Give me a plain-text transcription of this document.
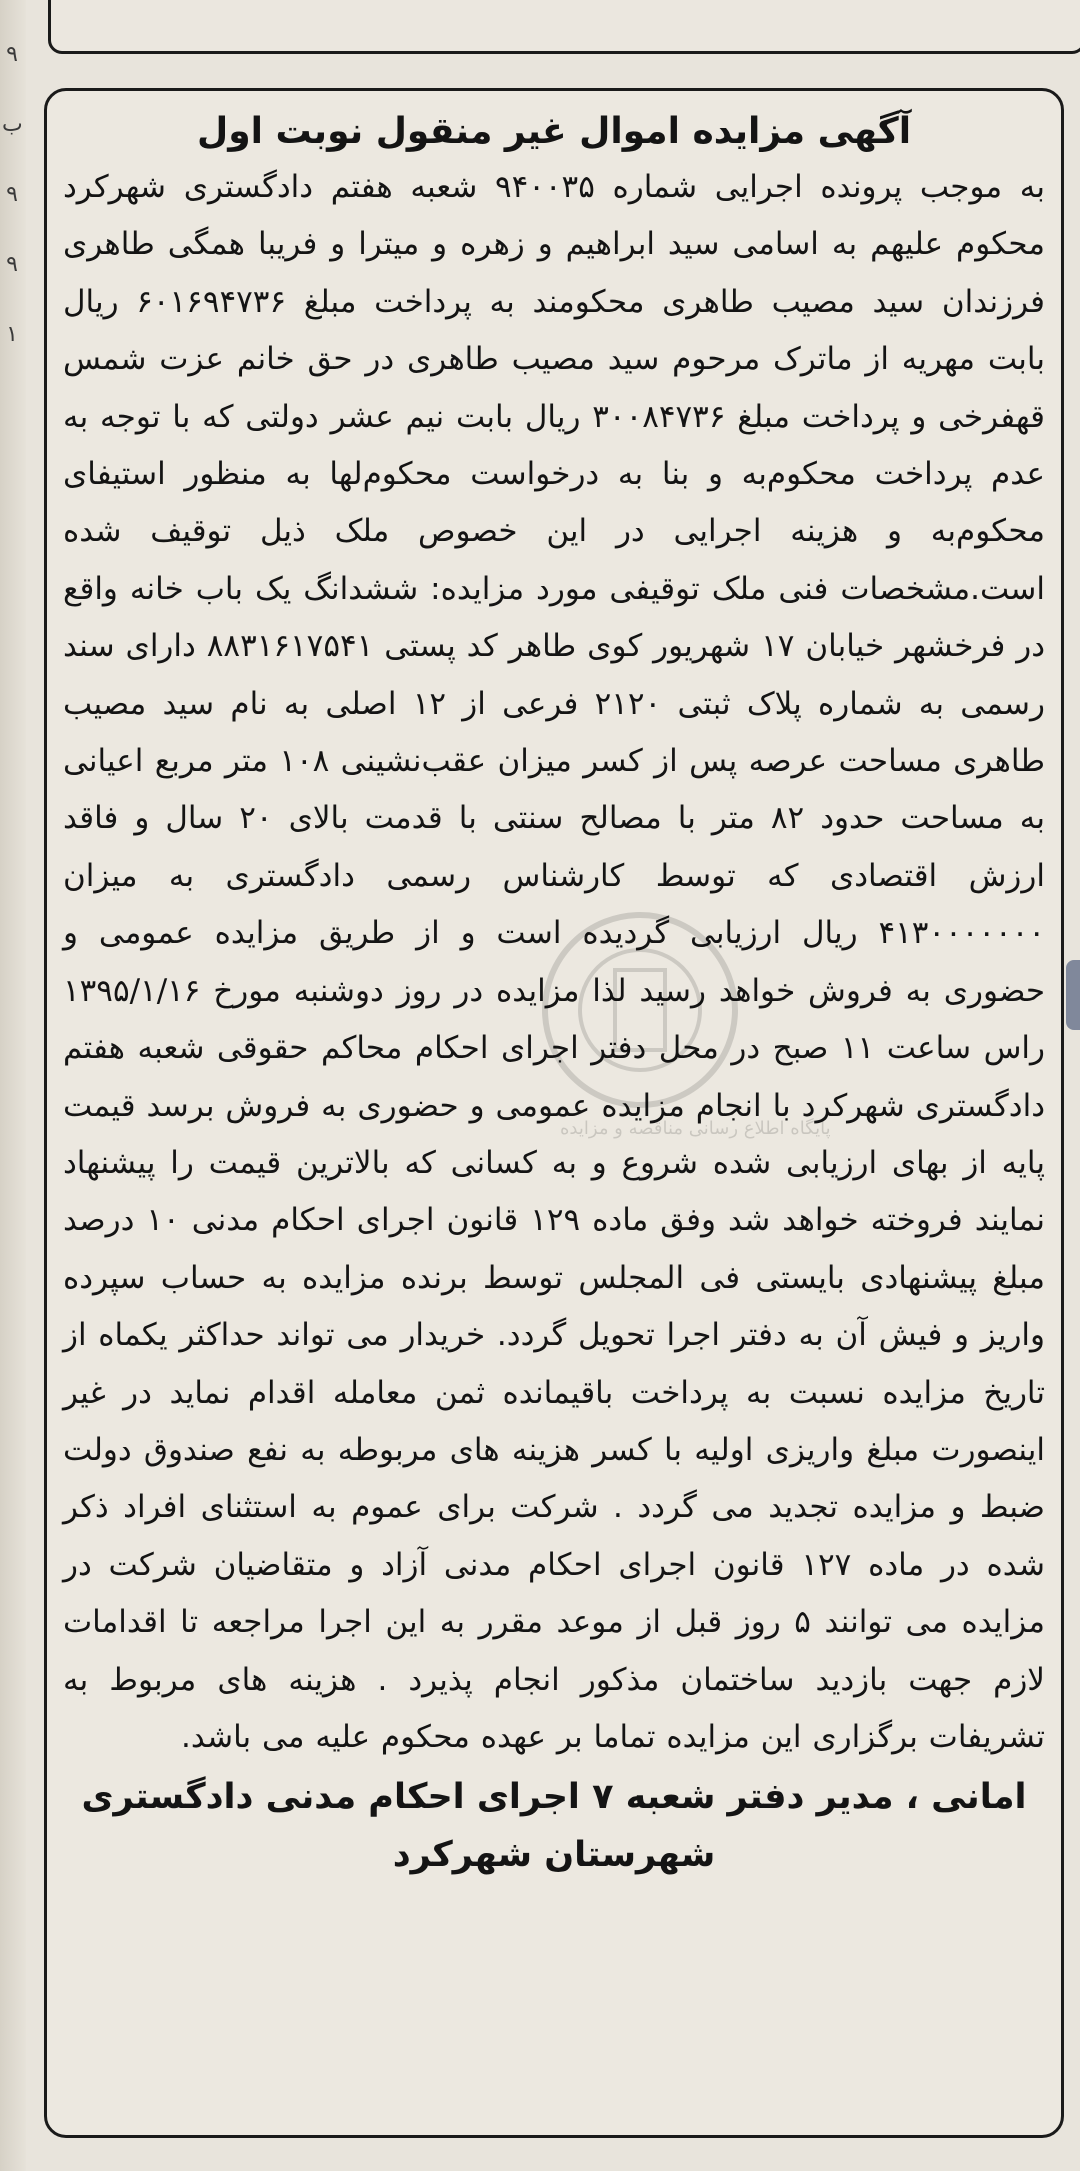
۹ ب ۹ ۹ ۱
آگهی مزایده اموال غیر منقول نوبت اول

به موجب پرونده اجرایی شماره ۹۴۰۰۳۵ شعبه هفتم دادگستری شهرکرد محکوم علیهم به اسامی سید ابراهیم و زهره و میترا و فریبا همگی طاهری فرزندان سید مصیب طاهری محکومند به پرداخت مبلغ ۶۰۱۶۹۴۷۳۶ ریال بابت مهریه از ماترک مرحوم سید مصیب طاهری در حق خانم عزت شمس قهفرخی و پرداخت مبلغ ۳۰۰۸۴۷۳۶ ریال بابت نیم عشر دولتی که با توجه به عدم پرداخت محکوم‌به و بنا به درخواست محکوم‌لها به منظور استیفای محکوم‌به و هزینه اجرایی در این خصوص ملک ذیل توقیف شده است.مشخصات فنی ملک توقیفی مورد مزایده: ششدانگ یک باب خانه واقع در فرخشهر خیابان ۱۷ شهریور کوی طاهر کد پستی ۸۸۳۱۶۱۷۵۴۱ دارای سند رسمی به شماره پلاک ثبتی ۲۱۲۰ فرعی از ۱۲ اصلی به نام سید مصیب طاهری مساحت عرصه پس از کسر میزان عقب‌نشینی ۱۰۸ متر مربع اعیانی به مساحت حدود ۸۲ متر با مصالح سنتی با قدمت بالای ۲۰ سال و فاقد ارزش اقتصادی که توسط کارشناس رسمی دادگستری به میزان ۴۱۳۰۰۰۰۰۰۰ ریال ارزیابی گردیده است و از طریق مزایده عمومی و حضوری به فروش خواهد رسید لذا مزایده در روز دوشنبه مورخ ۱۳۹۵/۱/۱۶ راس ساعت ۱۱ صبح در محل دفتر اجرای احکام محاکم حقوقی شعبه هفتم دادگستری شهرکرد با انجام مزایده عمومی و حضوری به فروش برسد قیمت پایه از بهای ارزیابی شده شروع و به کسانی که بالاترین قیمت را پیشنهاد نمایند فروخته خواهد شد وفق ماده ۱۲۹ قانون اجرای احکام مدنی ۱۰ درصد مبلغ پیشنهادی بایستی فی المجلس توسط برنده مزایده به حساب سپرده واریز و فیش آن به دفتر اجرا تحویل گردد. خریدار می تواند حداکثر یکماه از تاریخ مزایده نسبت به پرداخت باقیمانده ثمن معامله اقدام نماید در غیر اینصورت مبلغ واریزی اولیه با کسر هزینه های مربوطه به نفع صندوق دولت ضبط و مزایده تجدید می گردد . شرکت برای عموم به استثنای افراد ذکر شده در ماده ۱۲۷ قانون اجرای احکام مدنی آزاد و متقاضیان شرکت در مزایده می توانند ۵ روز قبل از موعد مقرر به این اجرا مراجعه تا اقدامات لازم جهت بازدید ساختمان مذکور انجام پذیرد . هزینه های مربوط به تشریفات برگزاری این مزایده تماما بر عهده محکوم علیه می باشد.

امانی ، مدیر دفتر شعبه ۷ اجرای احکام مدنی دادگستری
شهرستان شهرکرد
پایگاه اطلاع رسانی مناقصه و مزایده
